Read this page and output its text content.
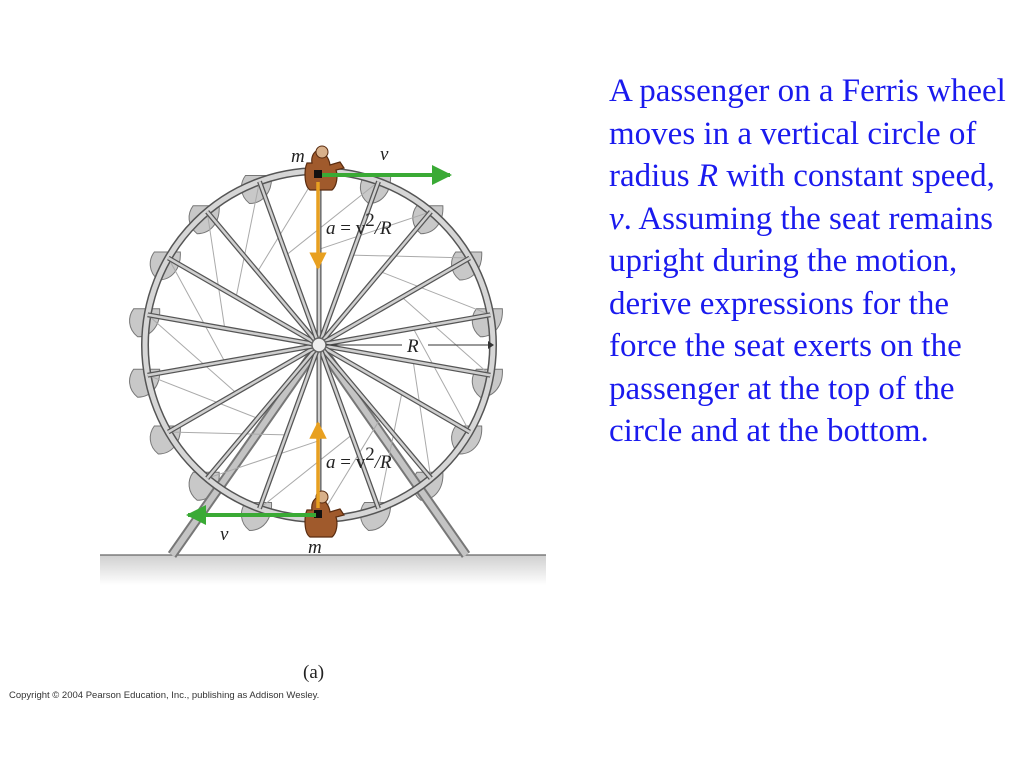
R
m	v
a = v2/R
a = v2/R
v
m
(a)

A passenger on a Ferris wheel moves in a vertical circle of radius R with constant speed, v. Assuming the seat remains upright during the motion, derive expressions for the force the seat exerts on the passenger at the top of the circle and at the bottom.

Copyright © 2004 Pearson Education, Inc., publishing as Addison Wesley.
